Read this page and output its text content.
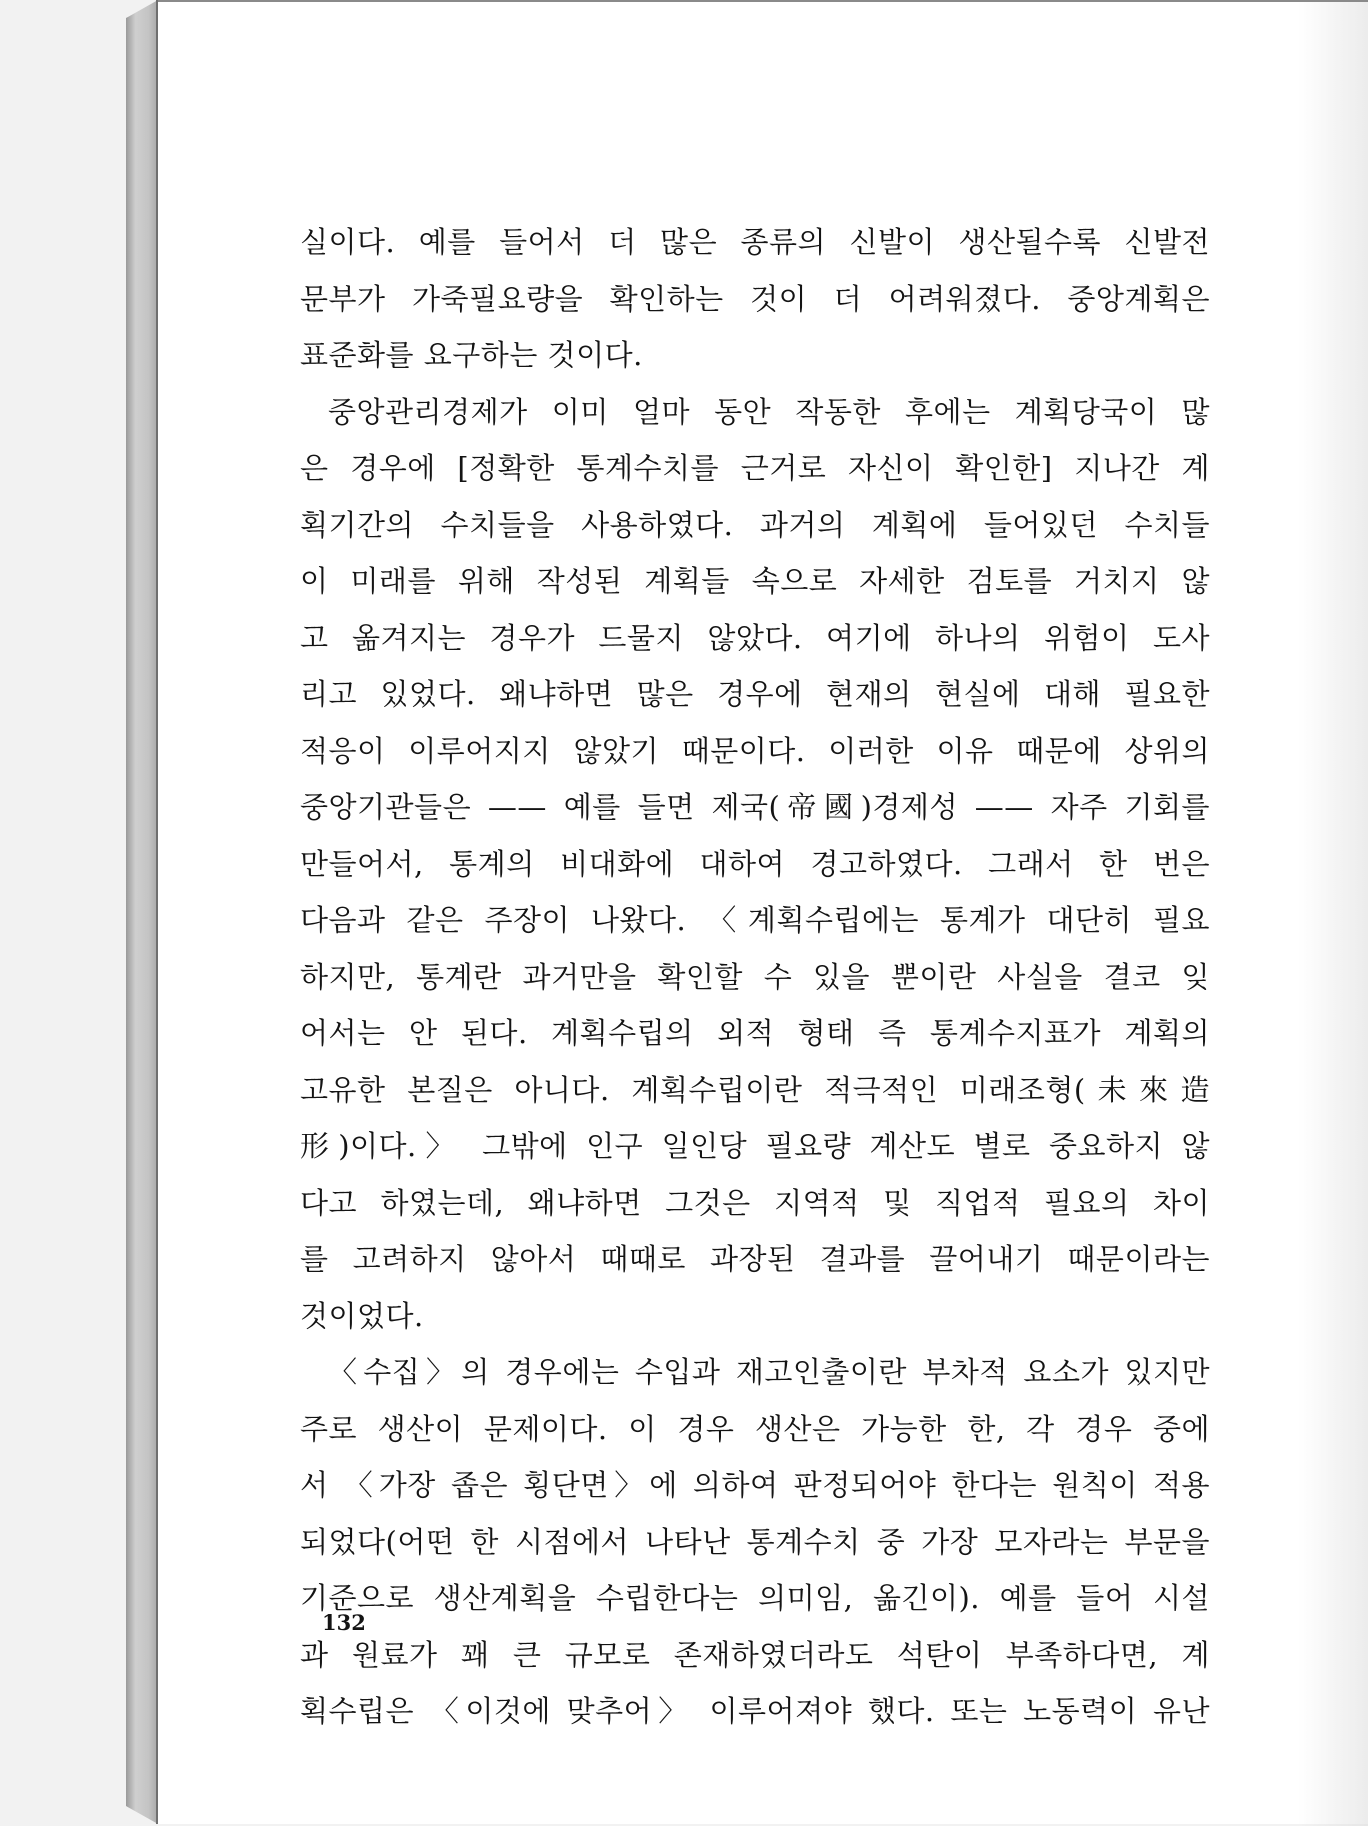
실이다. 예를 들어서 더 많은 종류의 신발이 생산될수록 신발전
문부가 가죽필요량을 확인하는 것이 더 어려워졌다. 중앙계획은
표준화를 요구하는 것이다.
중앙관리경제가 이미 얼마 동안 작동한 후에는 계획당국이 많
은 경우에 [정확한 통계수치를 근거로 자신이 확인한] 지나간 계
획기간의 수치들을 사용하였다. 과거의 계획에 들어있던 수치들
이 미래를 위해 작성된 계획들 속으로 자세한 검토를 거치지 않
고 옮겨지는 경우가 드물지 않았다. 여기에 하나의 위험이 도사
리고 있었다. 왜냐하면 많은 경우에 현재의 현실에 대해 필요한
적응이 이루어지지 않았기 때문이다. 이러한 이유 때문에 상위의
중앙기관들은 —— 예를 들면 제국(帝國)경제성 —— 자주 기회를
만들어서, 통계의 비대화에 대하여 경고하였다. 그래서 한 번은
다음과 같은 주장이 나왔다. 〈계획수립에는 통계가 대단히 필요
하지만, 통계란 과거만을 확인할 수 있을 뿐이란 사실을 결코 잊
어서는 안 된다. 계획수립의 외적 형태 즉 통계수지표가 계획의
고유한 본질은 아니다. 계획수립이란 적극적인 미래조형(未來造
形)이다.〉 그밖에 인구 일인당 필요량 계산도 별로 중요하지 않
다고 하였는데, 왜냐하면 그것은 지역적 및 직업적 필요의 차이
를 고려하지 않아서 때때로 과장된 결과를 끌어내기 때문이라는
것이었다.
〈수집〉의 경우에는 수입과 재고인출이란 부차적 요소가 있지만
주로 생산이 문제이다. 이 경우 생산은 가능한 한, 각 경우 중에
서 〈가장 좁은 횡단면〉에 의하여 판정되어야 한다는 원칙이 적용
되었다(어떤 한 시점에서 나타난 통계수치 중 가장 모자라는 부문을
기준으로 생산계획을 수립한다는 의미임, 옮긴이). 예를 들어 시설
과 원료가 꽤 큰 규모로 존재하였더라도 석탄이 부족하다면, 계
획수립은 〈이것에 맞추어〉 이루어져야 했다. 또는 노동력이 유난
132
